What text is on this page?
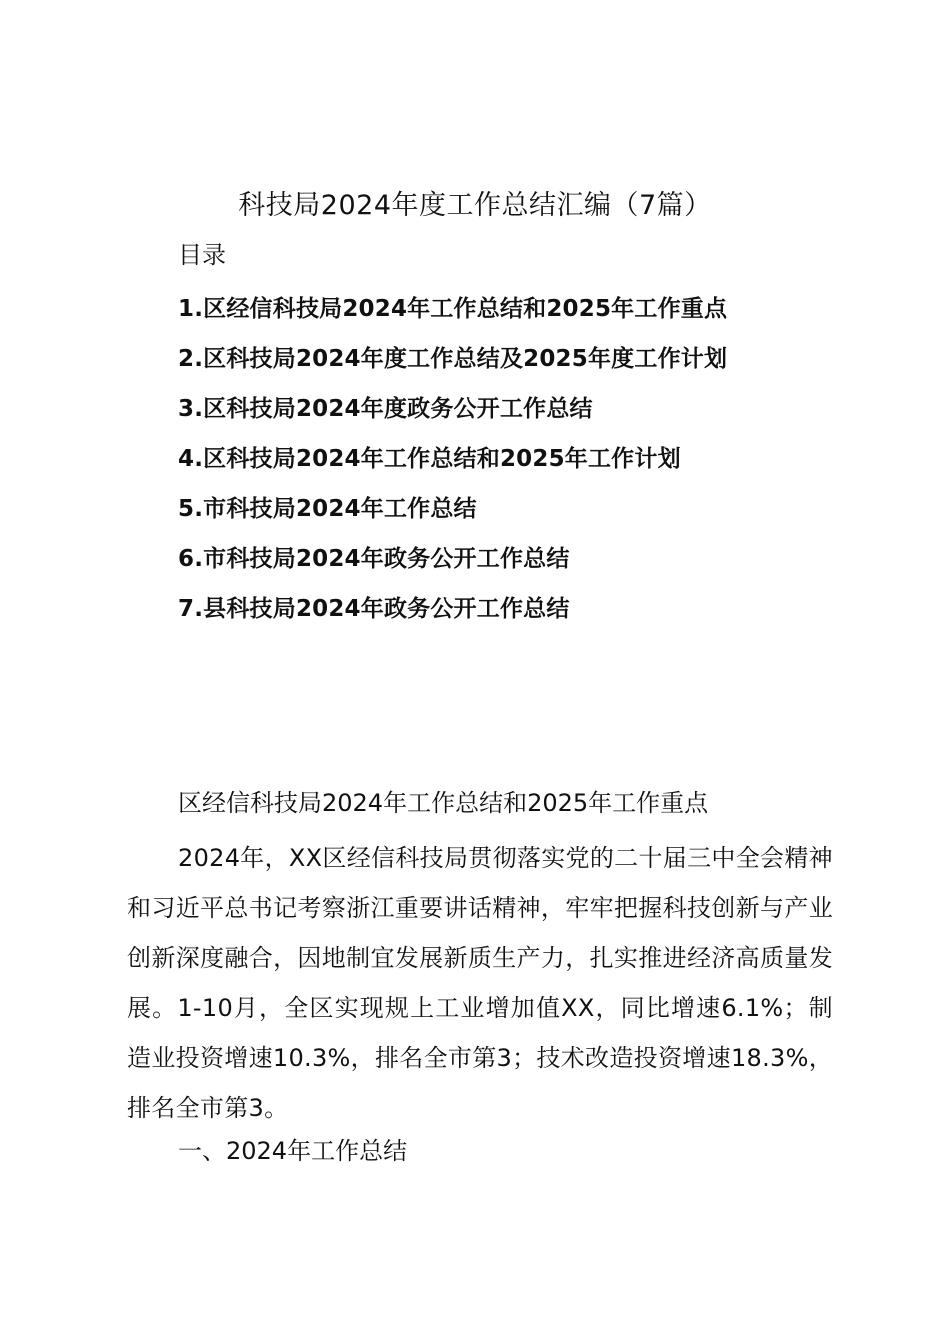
科技局2024年度工作总结汇编（7篇）
目录
1.区经信科技局2024年工作总结和2025年工作重点
2.区科技局2024年度工作总结及2025年度工作计划
3.区科技局2024年度政务公开工作总结
4.区科技局2024年工作总结和2025年工作计划
5.市科技局2024年工作总结
6.市科技局2024年政务公开工作总结
7.县科技局2024年政务公开工作总结
区经信科技局2024年工作总结和2025年工作重点

2024年，XX区经信科技局贯彻落实党的二十届三中全会精神和习近平总书记考察浙江重要讲话精神，牢牢把握科技创新与产业创新深度融合，因地制宜发展新质生产力，扎实推进经济高质量发展。1-10月，全区实现规上工业增加值XX，同比增速6.1%；制造业投资增速10.3%，排名全市第3；技术改造投资增速18.3%，排名全市第3。

一、2024年工作总结
